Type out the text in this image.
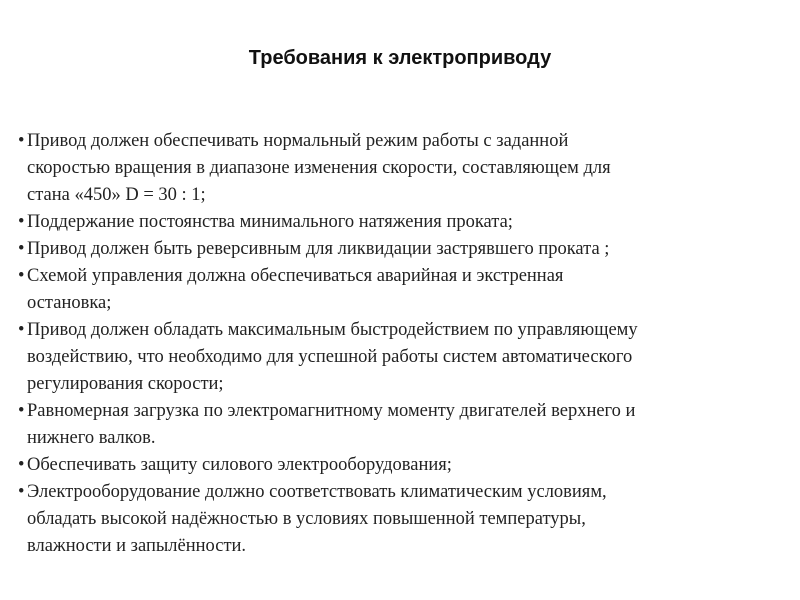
Требования к электроприводу
• Привод должен обеспечивать нормальный режим работы с заданной
скоростью вращения в диапазоне изменения скорости, составляющем для
стана «450» D = 30 : 1;
• Поддержание постоянства минимального натяжения проката;
• Привод должен быть реверсивным для ликвидации застрявшего проката ;
• Схемой управления должна обеспечиваться аварийная и экстренная
остановка;
• Привод должен обладать максимальным быстродействием по управляющему
воздействию, что необходимо для успешной работы систем автоматического
регулирования скорости;
• Равномерная загрузка по электромагнитному моменту двигателей верхнего и
нижнего валков.
• Обеспечивать защиту силового электрооборудования;
• Электрооборудование должно соответствовать климатическим условиям,
обладать высокой надёжностью в условиях повышенной температуры,
влажности и запылённости.
